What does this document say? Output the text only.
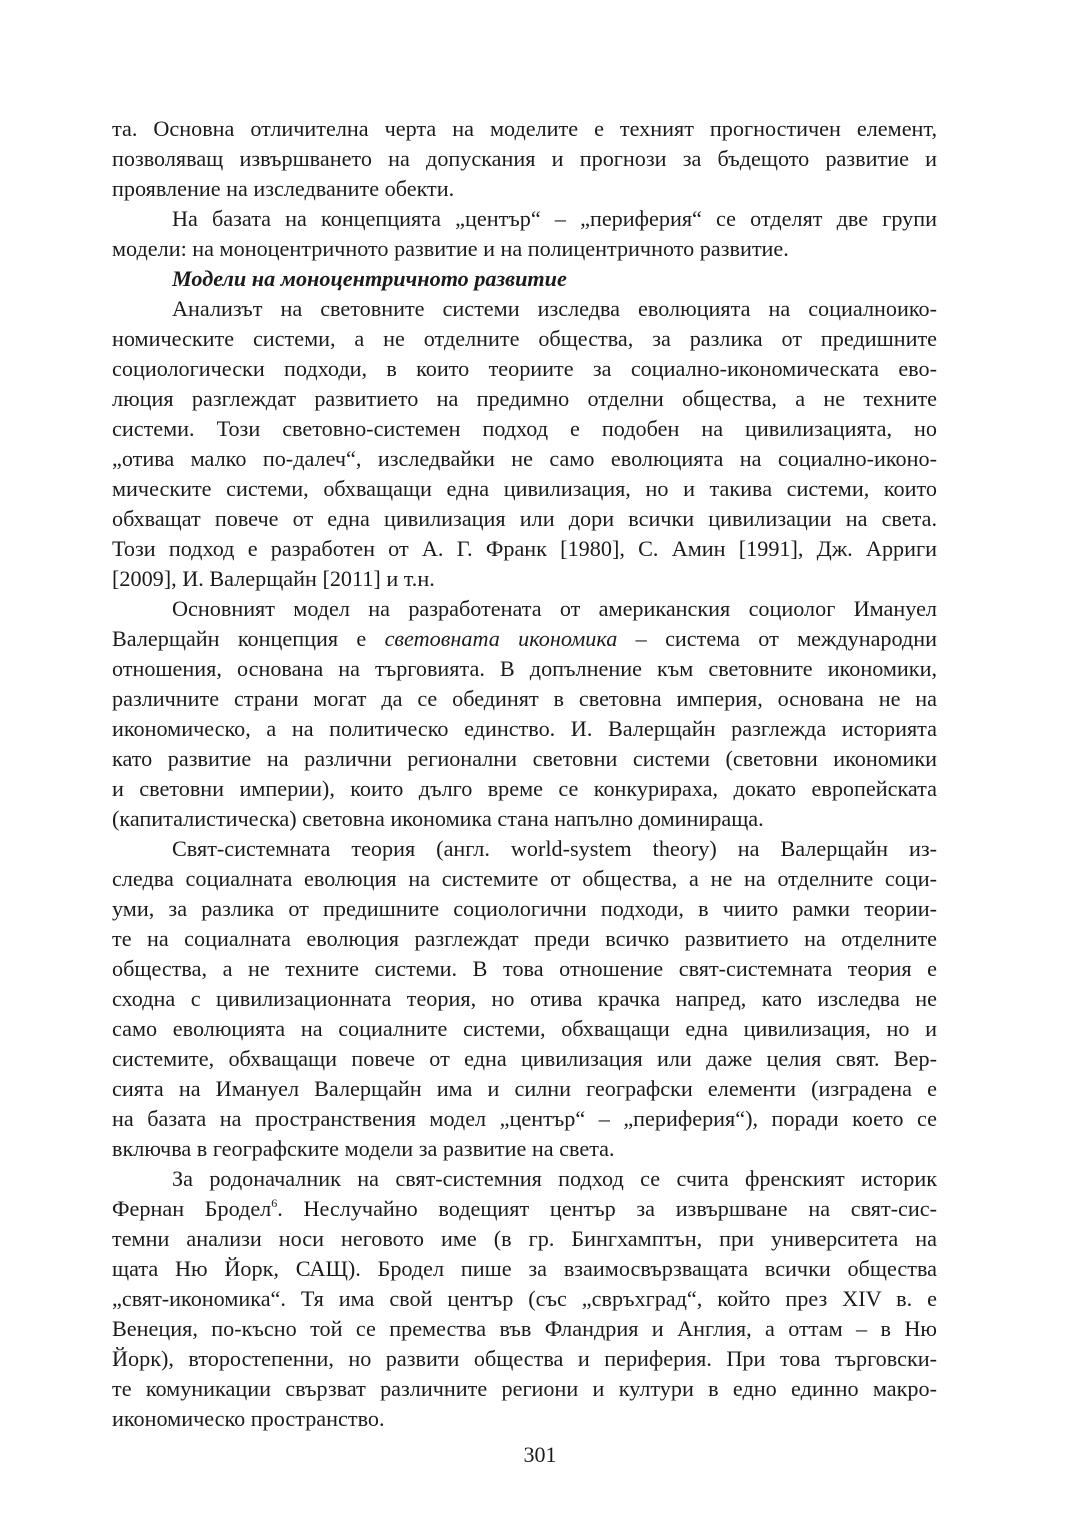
та. Основна отличителна черта на моделите е техният прогностичен елемент,
позволяващ извършването на допускания и прогнози за бъдещото развитие и
проявление на изследваните обекти.
На базата на концепцията „център“ – „периферия“ се отделят две групи
модели: на моноцентричното развитие и на полицентричното развитие.
Модели на моноцентричното развитие
Анализът на световните системи изследва еволюцията на социалноико-
номическите системи, а не отделните общества, за разлика от предишните
социологически подходи, в които теориите за социално-икономическата ево-
люция разглеждат развитието на предимно отделни общества, а не техните
системи. Този световно-системен подход е подобен на цивилизацията, но
„отива малко по-далеч“, изследвайки не само еволюцията на социално-иконо-
мическите системи, обхващащи една цивилизация, но и такива системи, които
обхващат повече от една цивилизация или дори всички цивилизации на света.
Този подход е разработен от А. Г. Франк [1980], С. Амин [1991], Дж. Арриги
[2009], И. Валерщайн [2011] и т.н.
Основният модел на разработената от американския социолог Имануел
Валерщайн концепция е световната икономика – система от международни
отношения, основана на търговията. В допълнение към световните икономики,
различните страни могат да се обединят в световна империя, основана не на
икономическо, а на политическо единство. И. Валерщайн разглежда историята
като развитие на различни регионални световни системи (световни икономики
и световни империи), които дълго време се конкурираха, докато европейската
(капиталистическа) световна икономика стана напълно доминираща.
Свят-системната теория (англ. world-system theory) на Валерщайн из-
следва социалната еволюция на системите от общества, а не на отделните соци-
уми, за разлика от предишните социологични подходи, в чиито рамки теории-
те на социалната еволюция разглеждат преди всичко развитието на отделните
общества, а не техните системи. В това отношение свят-системната теория е
сходна с цивилизационната теория, но отива крачка напред, като изследва не
само еволюцията на социалните системи, обхващащи една цивилизация, но и
системите, обхващащи повече от една цивилизация или даже целия свят. Вер-
сията на Имануел Валерщайн има и силни географски елементи (изградена е
на базата на пространствения модел „център“ – „периферия“), поради което се
включва в географските модели за развитие на света.
За родоначалник на свят-системния подход се счита френският историк
Фернан Бродел$^6$. Неслучайно водещият център за извършване на свят-сис-
темни анализи носи неговото име (в гр. Бингхамптън, при университета на
щата Ню Йорк, САЩ). Бродел пише за взаимосвързващата всички общества
„свят-икономика“. Тя има свой център (със „свръхград“, който през XIV в. е
Венеция, по-късно той се премества във Фландрия и Англия, а оттам – в Ню
Йорк), второстепенни, но развити общества и периферия. При това търговски-
те комуникации свързват различните региони и култури в едно единно макро-
икономическо пространство.
301
